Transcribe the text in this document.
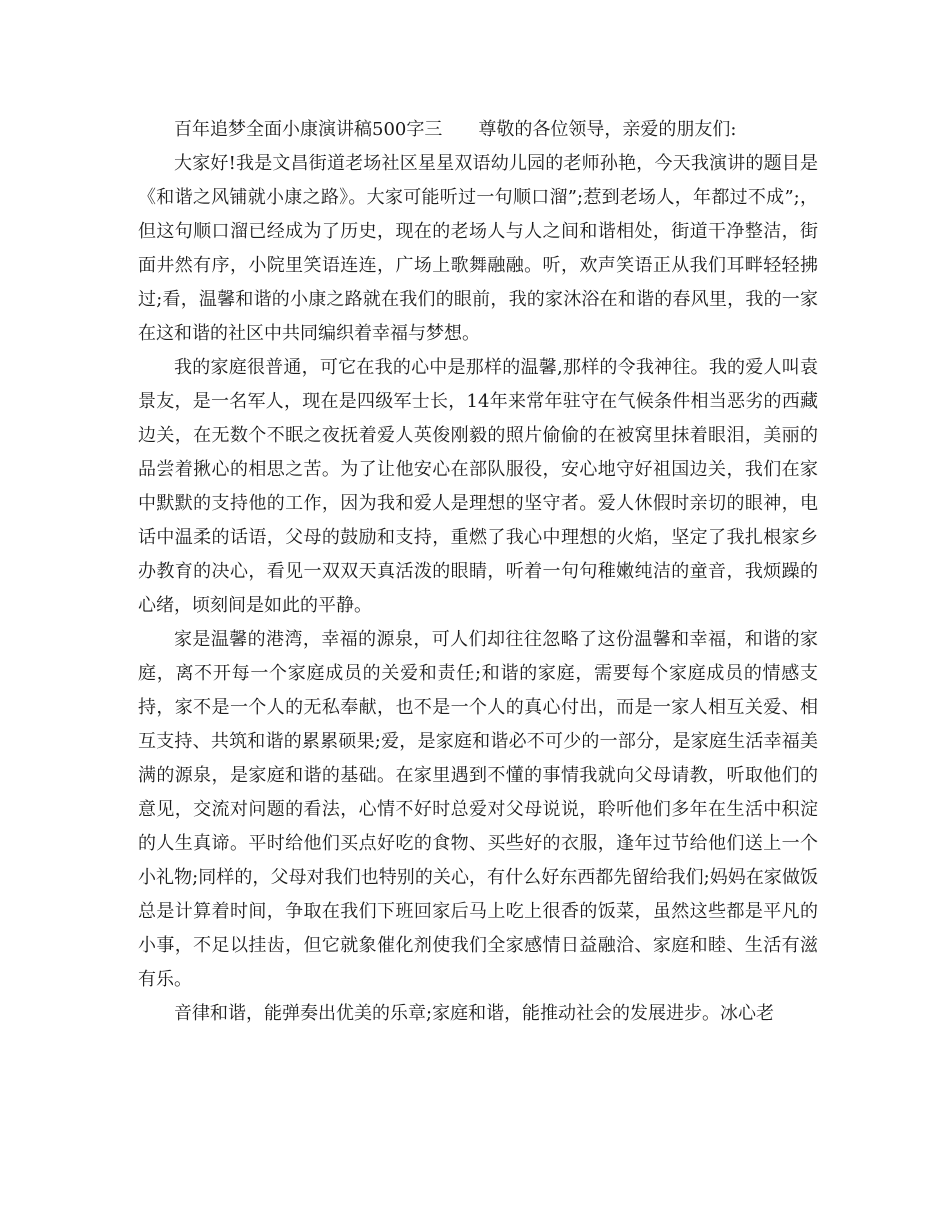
百年追梦全面小康演讲稿500字三 尊敬的各位领导，亲爱的朋友们:

大家好!我是文昌街道老场社区星星双语幼儿园的老师孙艳，今天我演讲的题目是《和谐之风铺就小康之路》。大家可能听过一句顺口溜”;惹到老场人，年都过不成”;，但这句顺口溜已经成为了历史，现在的老场人与人之间和谐相处，街道干净整洁，街面井然有序，小院里笑语连连，广场上歌舞融融。听，欢声笑语正从我们耳畔轻轻拂过;看，温馨和谐的小康之路就在我们的眼前，我的家沐浴在和谐的春风里，我的一家在这和谐的社区中共同编织着幸福与梦想。

我的家庭很普通，可它在我的心中是那样的温馨,那样的令我神往。我的爱人叫袁景友，是一名军人，现在是四级军士长，14年来常年驻守在气候条件相当恶劣的西藏边关，在无数个不眠之夜抚着爱人英俊刚毅的照片偷偷的在被窝里抹着眼泪，美丽的品尝着揪心的相思之苦。为了让他安心在部队服役，安心地守好祖国边关，我们在家中默默的支持他的工作，因为我和爱人是理想的坚守者。爱人休假时亲切的眼神，电话中温柔的话语，父母的鼓励和支持，重燃了我心中理想的火焰，坚定了我扎根家乡办教育的决心，看见一双双天真活泼的眼睛，听着一句句稚嫩纯洁的童音，我烦躁的心绪，顷刻间是如此的平静。

家是温馨的港湾，幸福的源泉，可人们却往往忽略了这份温馨和幸福，和谐的家庭，离不开每一个家庭成员的关爱和责任;和谐的家庭，需要每个家庭成员的情感支持，家不是一个人的无私奉献，也不是一个人的真心付出，而是一家人相互关爱、相互支持、共筑和谐的累累硕果;爱，是家庭和谐必不可少的一部分，是家庭生活幸福美满的源泉，是家庭和谐的基础。在家里遇到不懂的事情我就向父母请教，听取他们的意见，交流对问题的看法，心情不好时总爱对父母说说，聆听他们多年在生活中积淀的人生真谛。平时给他们买点好吃的食物、买些好的衣服，逢年过节给他们送上一个小礼物;同样的，父母对我们也特别的关心，有什么好东西都先留给我们;妈妈在家做饭总是计算着时间，争取在我们下班回家后马上吃上很香的饭菜，虽然这些都是平凡的小事，不足以挂齿，但它就象催化剂使我们全家感情日益融洽、家庭和睦、生活有滋有乐。

音律和谐，能弹奏出优美的乐章;家庭和谐，能推动社会的发展进步。冰心老
